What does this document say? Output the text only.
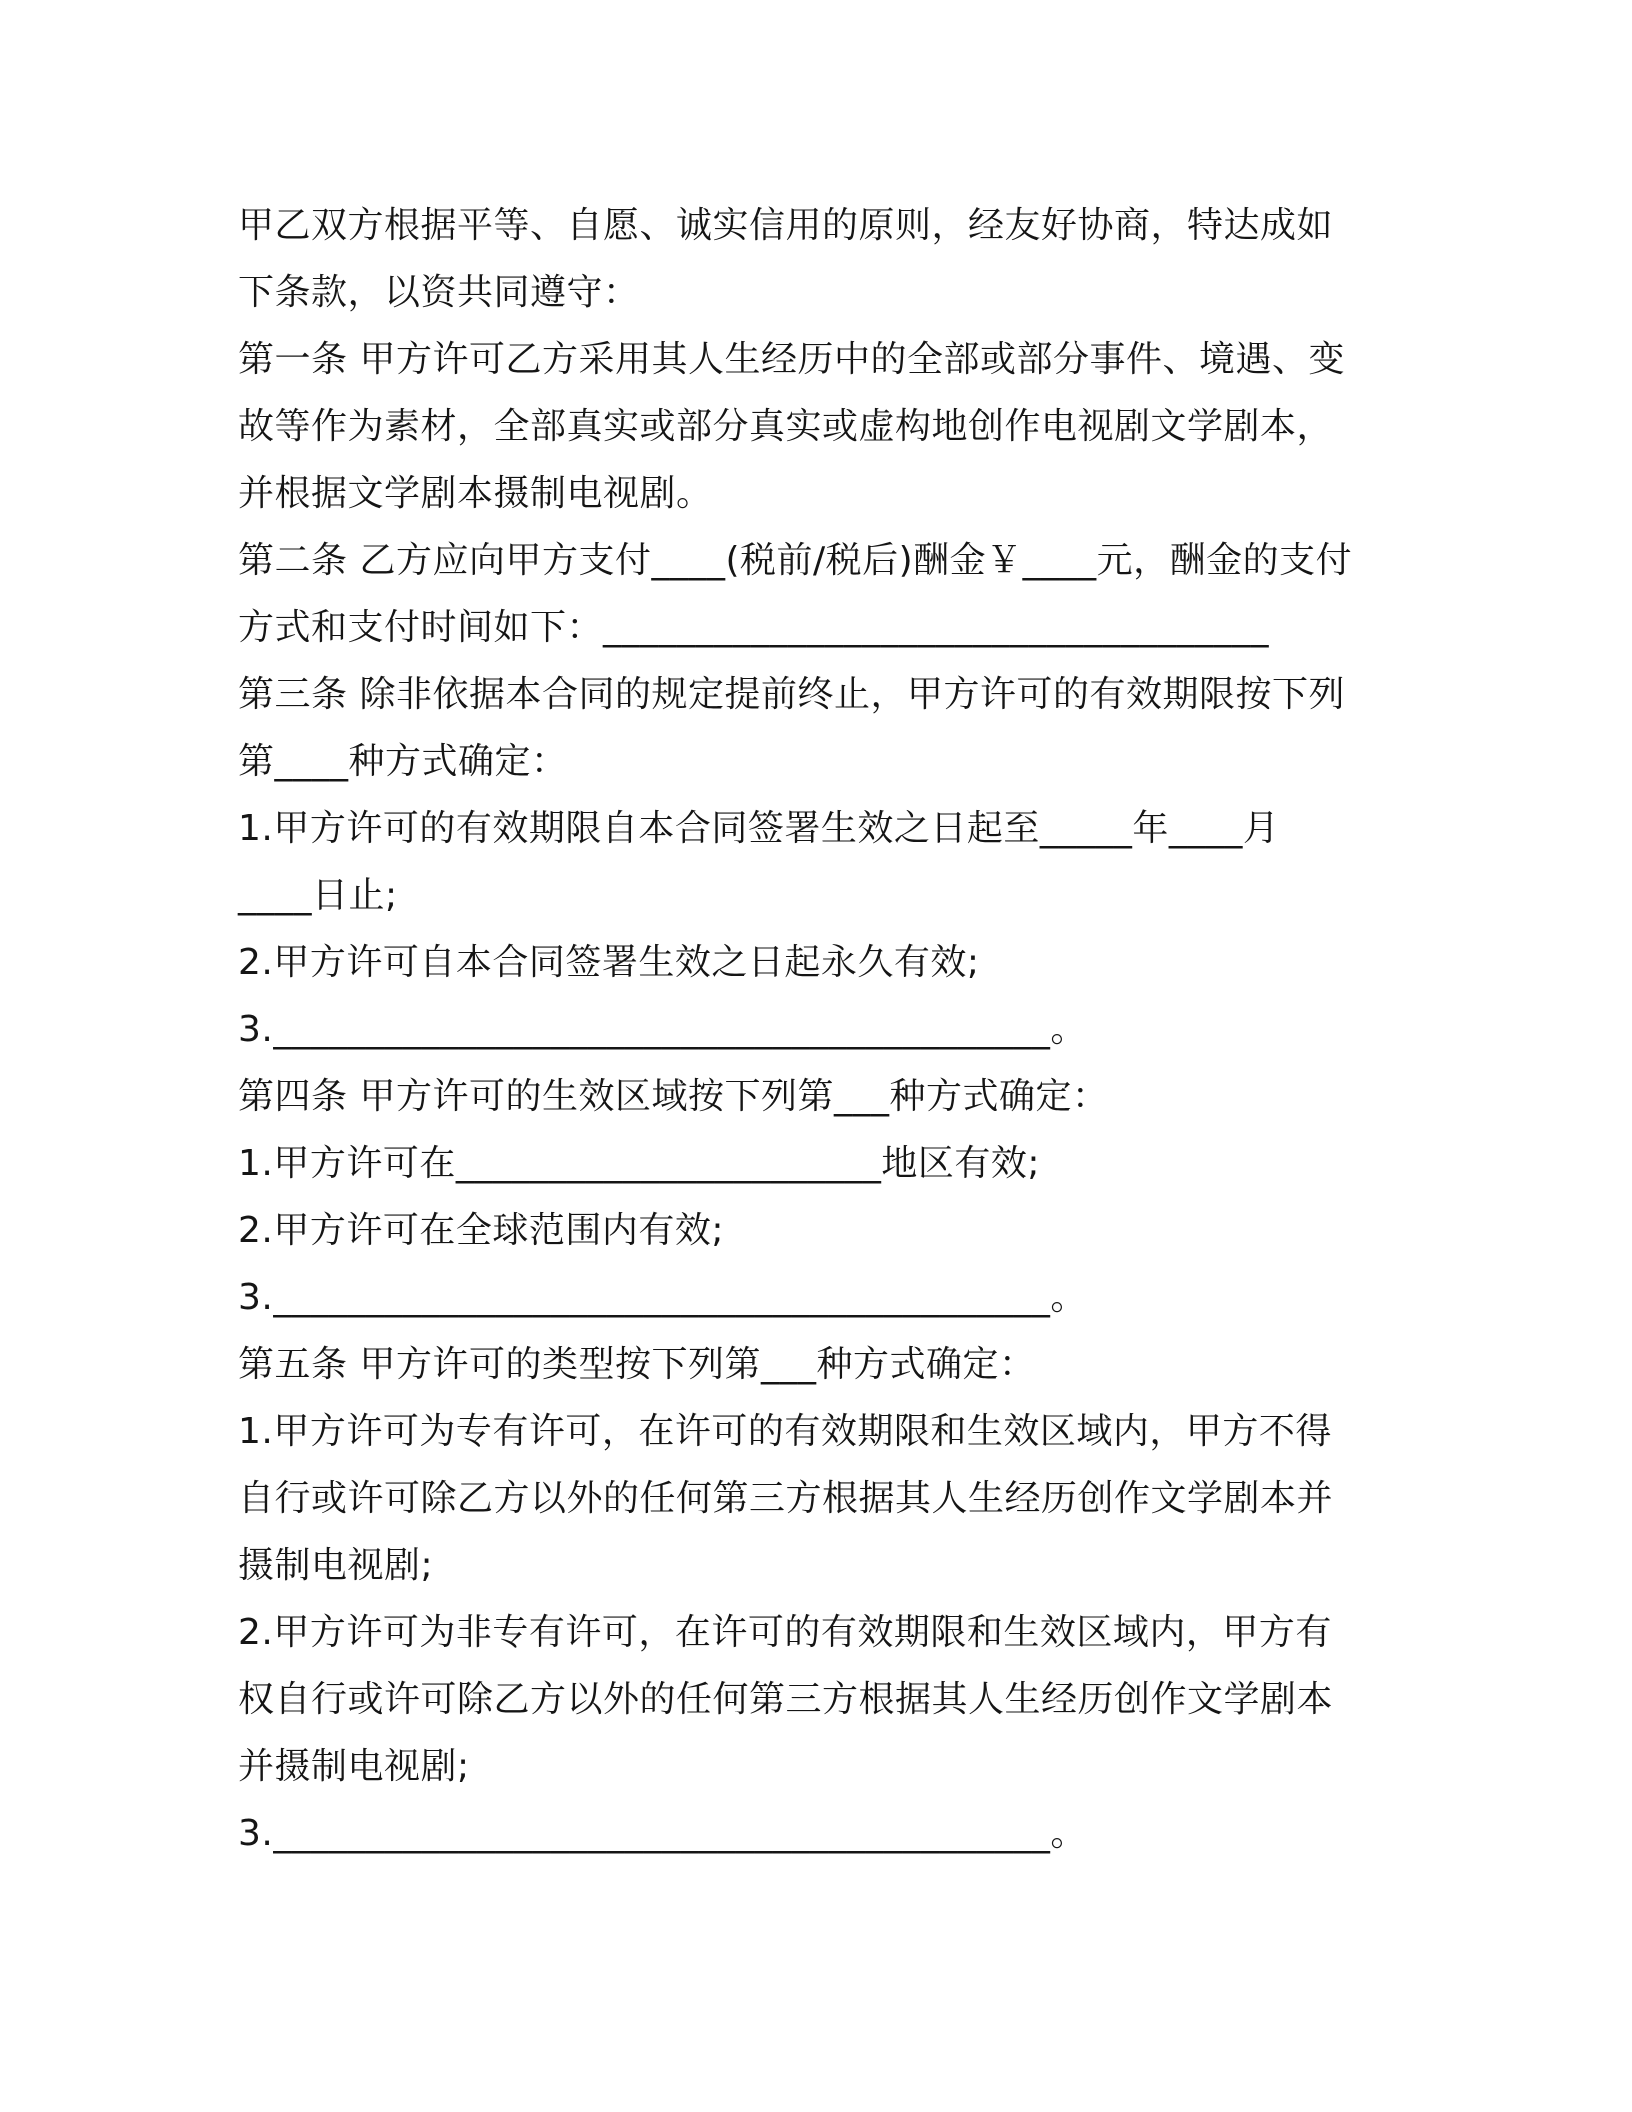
甲乙双方根据平等、自愿、诚实信用的原则，经友好协商，特达成如
下条款，以资共同遵守：
第一条 甲方许可乙方采用其人生经历中的全部或部分事件、境遇、变
故等作为素材，全部真实或部分真实或虚构地创作电视剧文学剧本，
并根据文学剧本摄制电视剧。
第二条 乙方应向甲方支付____(税前/税后)酬金￥____元，酬金的支付
方式和支付时间如下：____________________________________
第三条 除非依据本合同的规定提前终止，甲方许可的有效期限按下列
第____种方式确定：
1.甲方许可的有效期限自本合同签署生效之日起至_____年____月
____日止;
2.甲方许可自本合同签署生效之日起永久有效;
3.__________________________________________。
第四条 甲方许可的生效区域按下列第___种方式确定：
1.甲方许可在_______________________地区有效;
2.甲方许可在全球范围内有效;
3.__________________________________________。
第五条 甲方许可的类型按下列第___种方式确定：
1.甲方许可为专有许可，在许可的有效期限和生效区域内，甲方不得
自行或许可除乙方以外的任何第三方根据其人生经历创作文学剧本并
摄制电视剧;
2.甲方许可为非专有许可，在许可的有效期限和生效区域内，甲方有
权自行或许可除乙方以外的任何第三方根据其人生经历创作文学剧本
并摄制电视剧;
3.__________________________________________。
